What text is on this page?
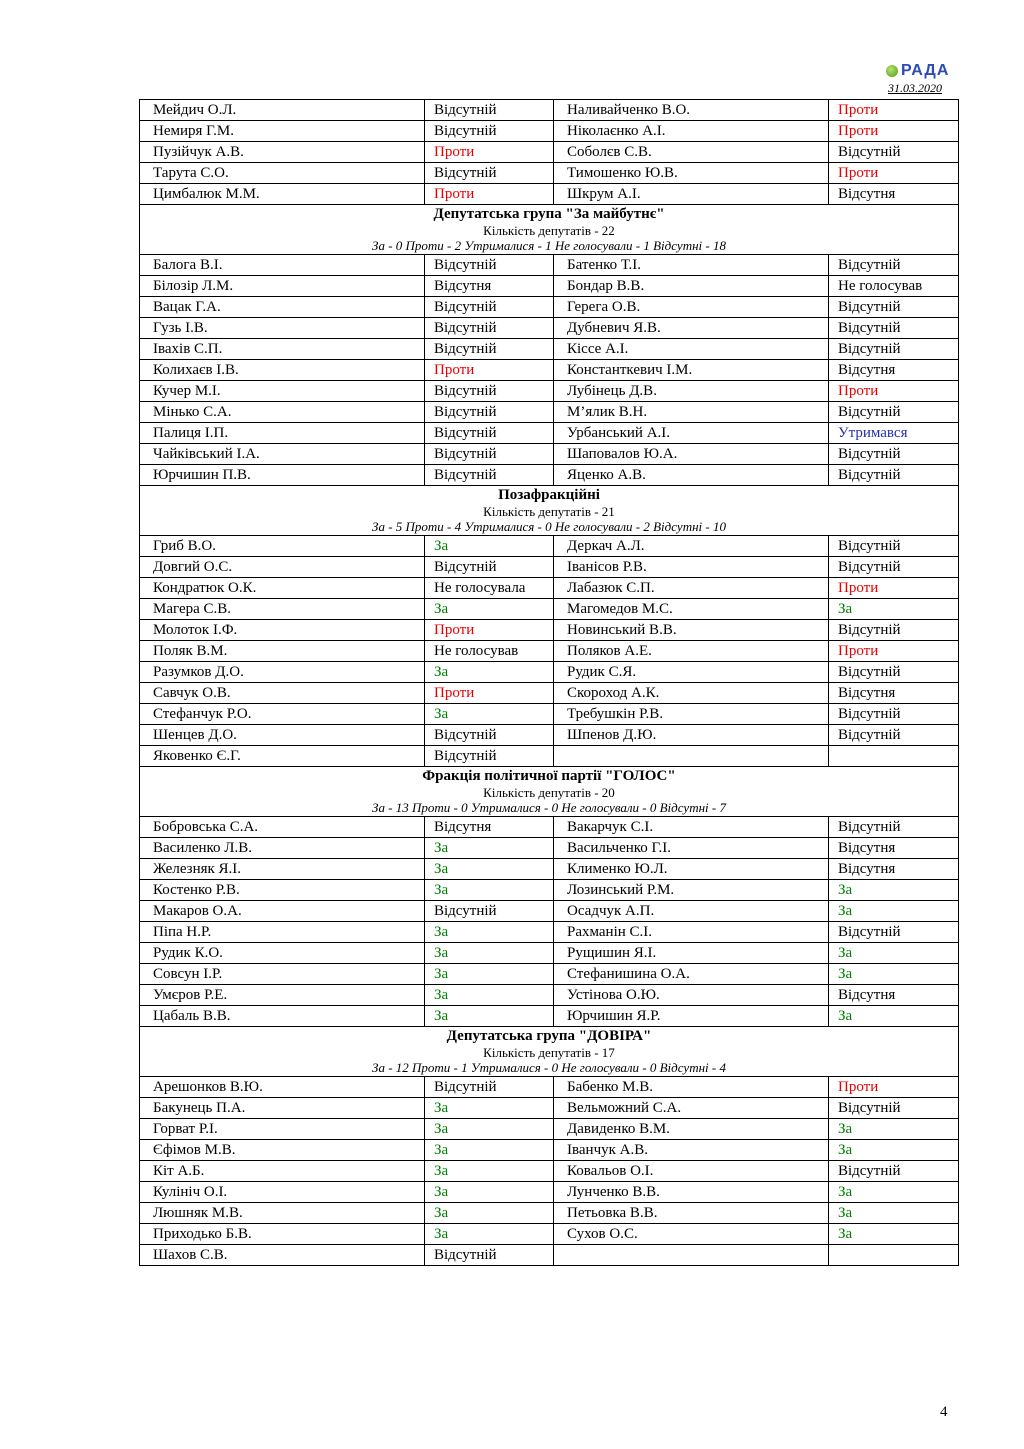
РАДА
31.03.2020
Мейдич О.Л.	Відсутній	Наливайченко В.О.	Проти
Немиря Г.М.	Відсутній	Ніколаєнко А.І.	Проти
Пузійчук А.В.	Проти	Соболєв С.В.	Відсутній
Тарута С.О.	Відсутній	Тимошенко Ю.В.	Проти
Цимбалюк М.М.	Проти	Шкрум А.І.	Відсутня

Депутатська група "За майбутнє"
Кількість депутатів - 22
За - 0 Проти - 2 Утрималися - 1 Не голосували - 1 Відсутні - 18			

Балога В.І.	Відсутній	Батенко Т.І.	Відсутній
Білозір Л.М.	Відсутня	Бондар В.В.	Не голосував
Вацак Г.А.	Відсутній	Герега О.В.	Відсутній
Гузь І.В.	Відсутній	Дубневич Я.В.	Відсутній
Івахів С.П.	Відсутній	Кіссе А.І.	Відсутній
Колихаєв І.В.	Проти	Константкевич І.М.	Відсутня
Кучер М.І.	Відсутній	Лубінець Д.В.	Проти
Мінько С.А.	Відсутній	М’ялик В.Н.	Відсутній
Палиця І.П.	Відсутній	Урбанський А.І.	Утримався
Чайківський І.А.	Відсутній	Шаповалов Ю.А.	Відсутній
Юрчишин П.В.	Відсутній	Яценко А.В.	Відсутній

Позафракційні
Кількість депутатів - 21
За - 5 Проти - 4 Утрималися - 0 Не голосували - 2 Відсутні - 10			

Гриб В.О.	За	Деркач А.Л.	Відсутній
Довгий О.С.	Відсутній	Іванісов Р.В.	Відсутній
Кондратюк О.К.	Не голосувала	Лабазюк С.П.	Проти
Магера С.В.	За	Магомедов М.С.	За
Молоток І.Ф.	Проти	Новинський В.В.	Відсутній
Поляк В.М.	Не голосував	Поляков А.Е.	Проти
Разумков Д.О.	За	Рудик С.Я.	Відсутній
Савчук О.В.	Проти	Скороход А.К.	Відсутня
Стефанчук Р.О.	За	Требушкін Р.В.	Відсутній
Шенцев Д.О.	Відсутній	Шпенов Д.Ю.	Відсутній
Яковенко Є.Г.	Відсутній		

Фракція політичної партії "ГОЛОС"
Кількість депутатів - 20
За - 13 Проти - 0 Утрималися - 0 Не голосували - 0 Відсутні - 7			

Бобровська С.А.	Відсутня	Вакарчук С.І.	Відсутній
Василенко Л.В.	За	Васильченко Г.І.	Відсутня
Железняк Я.І.	За	Клименко Ю.Л.	Відсутня
Костенко Р.В.	За	Лозинський Р.М.	За
Макаров О.А.	Відсутній	Осадчук А.П.	За
Піпа Н.Р.	За	Рахманін С.І.	Відсутній
Рудик К.О.	За	Рущишин Я.І.	За
Совсун І.Р.	За	Стефанишина О.А.	За
Умєров Р.Е.	За	Устінова О.Ю.	Відсутня
Цабаль В.В.	За	Юрчишин Я.Р.	За

Депутатська група "ДОВІРА"
Кількість депутатів - 17
За - 12 Проти - 1 Утрималися - 0 Не голосували - 0 Відсутні - 4			

Арешонков В.Ю.	Відсутній	Бабенко М.В.	Проти
Бакунець П.А.	За	Вельможний С.А.	Відсутній
Горват Р.І.	За	Давиденко В.М.	За
Єфімов М.В.	За	Іванчук А.В.	За
Кіт А.Б.	За	Ковальов О.І.	Відсутній
Кулініч О.І.	За	Лунченко В.В.	За
Люшняк М.В.	За	Петьовка В.В.	За
Приходько Б.В.	За	Сухов О.С.	За
Шахов С.В.	Відсутній		
4
